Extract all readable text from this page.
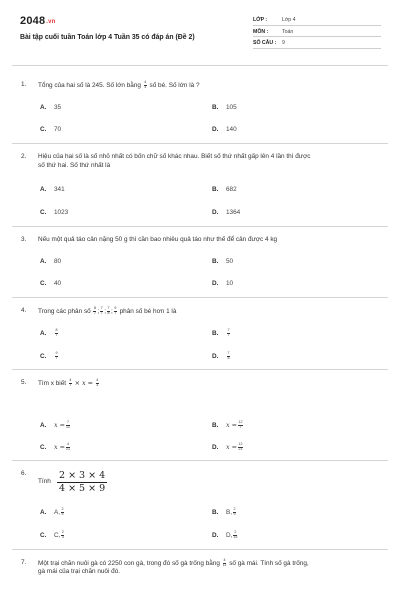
2048.vn
Bài tập cuối tuần Toán lớp 4 Tuần 35 có đáp án (Đề 2)
LỚP :	Lớp 4
MÔN :	Toán
SỐ CÂU : 9
1. Tổng của hai số là 245. Số lớn bằng $\frac{4}{3}$ số bé. Số lớn là ?
A. 35	B. 105
C. 70	D. 140
2. Hiệu của hai số là số nhỏ nhất có bốn chữ số khác nhau. Biết số thứ nhất gấp lên 4 lần thì được
số thứ hai. Số thứ nhất là
A. 341	B. 682
C. 1023	D. 1364
3. Nếu một quả táo cân nặng 50 g thì cần bao nhiêu quả táo như thế để cân được 4 kg
A. 80	B. 50
C. 40	D. 10
4. Trong các phân số $\frac{8}{7}$ ; $\frac{7}{7}$ ; $\frac{7}{8}$ ; $\frac{9}{7}$ phân số bé hơn 1 là
A. $\frac{8}{7}$	B. $\frac{7}{7}$
C. $\frac{9}{7}$	D. $\frac{7}{8}$
5. Tìm x biết $\frac{4}{7} \times x = \frac{4}{3}$
A. $x = \frac{7}{12}$	B. $x = \frac{12}{7}$
C. $x = \frac{4}{21}$	D. $x = \frac{12}{21}$
6.
Tính $\frac{2 \times 3 \times 4}{4 \times 5 \times 9}$
A. A, $\frac{2}{5}$	B. B, $\frac{2}{9}$
C. C, $\frac{2}{3}$	D. D, $\frac{2}{15}$
7. Một trại chăn nuôi gà có 2250 con gà, trong đó số gà trống bằng $\frac{4}{11}$ số gà mái. Tính số gà trống,
gà mái của trại chăn nuôi đó.
